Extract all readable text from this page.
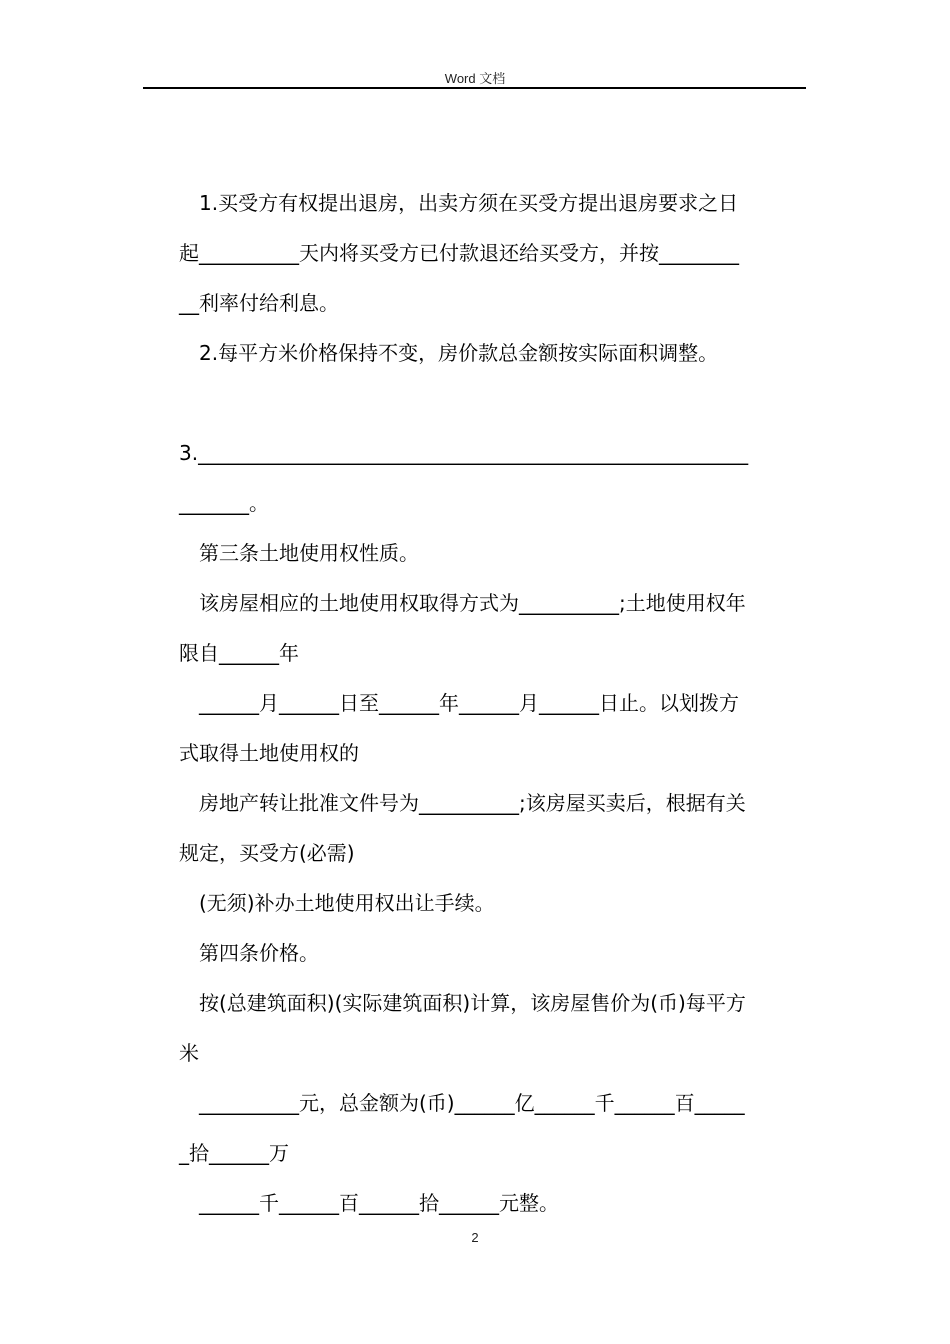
Word 文档

1.买受方有权提出退房，出卖方须在买受方提出退房要求之日

起__________天内将买受方已付款退还给买受方，并按________

__利率付给利息。

2.每平方米价格保持不变，房价款总金额按实际面积调整。

3._______________________________________________________

_______。

第三条土地使用权性质。

该房屋相应的土地使用权取得方式为__________;土地使用权年

限自______年

______月______日至______年______月______日止。以划拨方

式取得土地使用权的

房地产转让批准文件号为__________;该房屋买卖后，根据有关

规定，买受方(必需)

(无须)补办土地使用权出让手续。

第四条价格。

按(总建筑面积)(实际建筑面积)计算，该房屋售价为(币)每平方

米

__________元，总金额为(币)______亿______千______百_____

_拾______万

______千______百______拾______元整。

2
